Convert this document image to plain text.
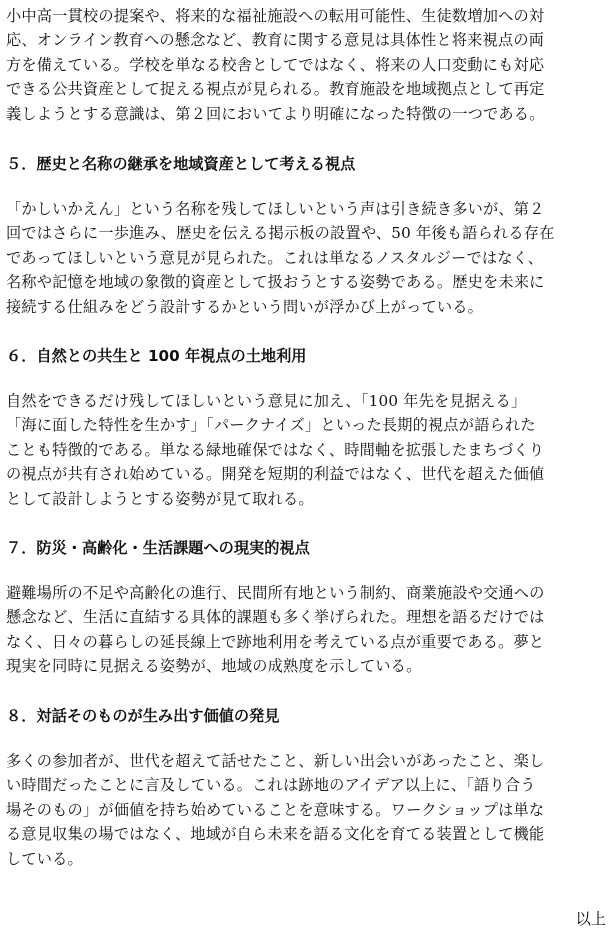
小中高一貫校の提案や、将来的な福祉施設への転用可能性、生徒数増加への対
応、オンライン教育への懸念など、教育に関する意見は具体性と将来視点の両
方を備えている。学校を単なる校舎としてではなく、将来の人口変動にも対応
できる公共資産として捉える視点が見られる。教育施設を地域拠点として再定
義しようとする意識は、第２回においてより明確になった特徴の一つである。
５．歴史と名称の継承を地域資産として考える視点
「かしいかえん」という名称を残してほしいという声は引き続き多いが、第２
回ではさらに一歩進み、歴史を伝える掲示板の設置や、50 年後も語られる存在
であってほしいという意見が見られた。これは単なるノスタルジーではなく、
名称や記憶を地域の象徴的資産として扱おうとする姿勢である。歴史を未来に
接続する仕組みをどう設計するかという問いが浮かび上がっている。
６．自然との共生と 100 年視点の土地利用
自然をできるだけ残してほしいという意見に加え、「100 年先を見据える」
「海に面した特性を生かす」「パークナイズ」といった長期的視点が語られた
ことも特徴的である。単なる緑地確保ではなく、時間軸を拡張したまちづくり
の視点が共有され始めている。開発を短期的利益ではなく、世代を超えた価値
として設計しようとする姿勢が見て取れる。
７．防災・高齢化・生活課題への現実的視点
避難場所の不足や高齢化の進行、民間所有地という制約、商業施設や交通への
懸念など、生活に直結する具体的課題も多く挙げられた。理想を語るだけでは
なく、日々の暮らしの延長線上で跡地利用を考えている点が重要である。夢と
現実を同時に見据える姿勢が、地域の成熟度を示している。
８．対話そのものが生み出す価値の発見
多くの参加者が、世代を超えて話せたこと、新しい出会いがあったこと、楽し
い時間だったことに言及している。これは跡地のアイデア以上に、「語り合う
場そのもの」が価値を持ち始めていることを意味する。ワークショップは単な
る意見収集の場ではなく、地域が自ら未来を語る文化を育てる装置として機能
している。

以上
